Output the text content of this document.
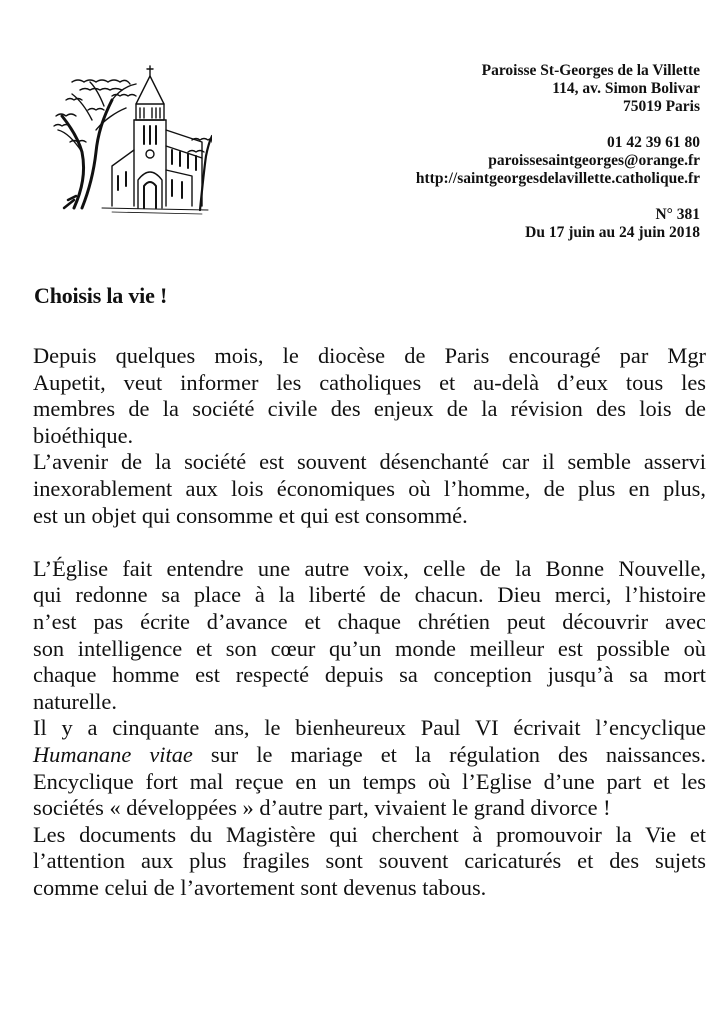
Paroisse St-Georges de la Villette
114, av. Simon Bolivar
75019 Paris
01 42 39 61 80
paroissesaintgeorges@orange.fr
http://saintgeorgesdelavillette.catholique.fr
N° 381
Du 17 juin au 24 juin 2018
Choisis la vie !

Depuis quelques mois, le diocèse de Paris encouragé par Mgr
Aupetit, veut informer les catholiques et au-delà d’eux tous les
membres de la société civile des enjeux de la révision des lois de
bioéthique.

L’avenir de la société est souvent désenchanté car il semble asservi
inexorablement aux lois économiques où l’homme, de plus en plus,
est un objet qui consomme et qui est consommé.

L’Église fait entendre une autre voix, celle de la Bonne Nouvelle,
qui redonne sa place à la liberté de chacun. Dieu merci, l’histoire
n’est pas écrite d’avance et chaque chrétien peut découvrir avec
son intelligence et son cœur qu’un monde meilleur est possible où
chaque homme est respecté depuis sa conception jusqu’à sa mort
naturelle.

Il y a cinquante ans, le bienheureux Paul VI écrivait l’encyclique
Humanane vitae sur le mariage et la régulation des naissances.
Encyclique fort mal reçue en un temps où l’Eglise d’une part et les
sociétés « développées » d’autre part, vivaient le grand divorce !

Les documents du Magistère qui cherchent à promouvoir la Vie et
l’attention aux plus fragiles sont souvent caricaturés et des sujets
comme celui de l’avortement sont devenus tabous.
